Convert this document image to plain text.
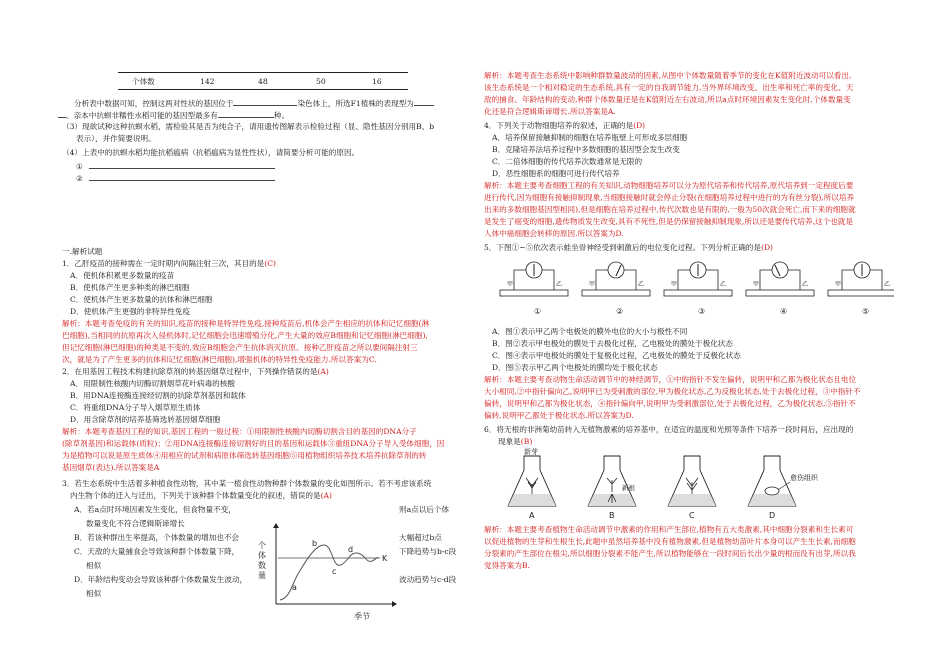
个体数	142	48	50	16
分析表中数据可知，控制这两对性状的基因位于	染色体上，所选F1植株的表现型为
。亲本中抗螟非糯性水稻可能的基因型最多有	种。
（3）现欲试种这种抗螟水稻，需检验其是否为纯合子，请用遗传图解表示检验过程（显、隐性基因分别用B、b
表示），并作简要说明。
（4）上表中的抗螟水稻均能抗稻瘟病（抗稻瘟病为显性性状），请简要分析可能的原因。
①
②
一.解析试题
1．乙肝疫苗的接种需在一定时期内间隔注射三次，其目的是(C)
A．使机体积累更多数量的疫苗
B．使机体产生更多种类的淋巴细胞
C．使机体产生更多数量的抗体和淋巴细胞
D．使机体产生更强的非特异性免疫
解析：本题考查免疫的有关的知识,疫苗的接种是特异性免疫,接种疫苗后,机体会产生相应的抗体和记忆细胞(淋
巴细胞),当相同的抗原再次入侵机体时,记忆细胞会迅速增殖分化,产生大量的效应B细胞和记忆细胞(淋巴细胞),
但记忆细胞(淋巴细胞)的种类是不变的,效应B细胞会产生抗体消灭抗原。接种乙肝疫苗之所以要间隔注射三
次，就是为了产生更多的抗体和记忆细胞(淋巴细胞),增强机体的特异性免疫能力.所以答案为C.
2．在用基因工程技术构建抗除草剂的转基因烟草过程中，下列操作错误的是(A)
A．用限制性核酸内切酶切割烟草花叶病毒的核酸
B．用DNA连接酶连接经切割的抗除草剂基因和载体
C．将重组DNA分子导入烟草原生质体
D．用含除草剂的培养基筛选转基因烟草细胞
解析：本题考查基因工程的知识,基因工程的一般过程：①用限制性核酸内切酶切割含目的基因的DNA分子
(除草剂基因)和运载体(质粒)；②用DNA连接酶连接切割好的目的基因和运载体③重组DNA分子导入受体细胞，因
为是植物可以说是原生质体④用相应的试剂和病原体筛选转基因细胞⑤用植物组织培养技术培养抗除草剂的转
基因烟草(表达).所以答案是A
3．若生态系统中生活着多种植食性动物，其中某一植食性动物种群个体数量的变化如图所示。若不考虑该系统
内生物个体的迁入与迁出，下列关于该种群个体数量变化的叙述，错误的是(A)
A．若a点时环境因素发生变化，但食物量不变，	则a点以后个体
数量变化不符合逻辑斯谛增长
B．若该种群出生率提高，个体数量的增加也不会	大幅超过b点
C．天敌的大量捕食会导致该种群个体数量下降，	下降趋势与b-c段
相似
D．年龄结构变动会导致该种群个体数量发生波动，	波动趋势与c-d段
相似
个
体
数
量
a
b
c
d
K
季节
解析：本题考查生态系统中影响种群数量波动的因素,从图中个体数量随着季节的变化在K值附近波动可以看出,
该生态系统是一个相对稳定的生态系统,具有一定的自我调节能力,当外界环境改变、出生率和死亡率的变化、天
敌的捕食、年龄结构的变动,种群个体数量还是在K值附近左右波动,所以a点时环境因素发生变化时,个体数量变
化还是符合逻辑斯谛增长.所以答案是A.
4．下列关于动物细胞培养的叙述，正确的是(D)
A．培养保留接触抑制的细胞在培养瓶壁上可形成多层细胞
B．克隆培养法培养过程中多数细胞的基因型会发生改变
C．二倍体细胞的传代培养次数通常是无限的
D．恶性细胞系的细胞可进行传代培养
解析：本题主要考查细胞工程的有关知识,动物细胞培养可以分为原代培养和传代培养,原代培养到一定程度后要
进行传代,因为细胞有接触抑制现象,当细胞接触时就会停止分裂(在细胞培养过程中进行的为有丝分裂),所以培养
出来的多数细胞基因型相同),但是细胞在培养过程中,传代次数也是有限的,一般为50次就会死亡,而下来的细胞就
是发生了癌变的细胞,遗传物质发生改变,具有不死性,但是仍保留接触抑制现象,所以还是要传代培养,这个也就是
人体中癌细胞会转移的原因.所以答案为D.
5．下图①~⑤依次表示蛙坐骨神经受到刺激后的电位变化过程。下列分析正确的是(D)
甲	乙	甲	乙	甲	乙	甲	乙	甲	乙
①	②	③	④	⑤
A．图①表示甲乙两个电极处的膜外电位的大小与极性不同
B．图②表示甲电极处的膜处于去极化过程，乙电极处的膜处于极化状态
C．图④表示甲电极处的膜处于复极化过程，乙电极处的膜处于反极化状态
D．图⑤表示甲乙两个电极处的膜均处于极化状态
解析：本题主要考查动物生命活动调节中的神经调节，①中的指针不发生偏转，说明甲和乙都为极化状态且电位
大小相同,②中指针偏向乙,说明甲已为受刺激的部位,甲为极化状态,乙为反极化状态,处于去极化过程，③中指针不
偏转，说明甲和乙都为极化状态，④指针偏向甲,说明甲为受刺激部位,处于去极化过程，乙为极化状态,⑤指针不
偏转,说明甲乙都处于极化状态.所以答案为D.
6．将无根的非洲菊幼苗转入无植物激素的培养基中，在适宜的温度和光照等条件下培养一段时间后，应出现的
现象是(B)
新芽
A
新根
B	C
愈伤组织
D
解析：本题主要考查植物生命活动调节中激素的作用和产生部位,植物有五大类激素,其中细胞分裂素和生长素可
以促进植物的生芽和生根生长,此题中虽然培养基中没有植物激素,但是植物幼苗叶片本身可以产生生长素,而细胞
分裂素的产生部位在根尖,所以细胞分裂素不能产生,所以植物能够在一段时间后长出少量的根而没有出芽,所以我
觉得答案为B.
